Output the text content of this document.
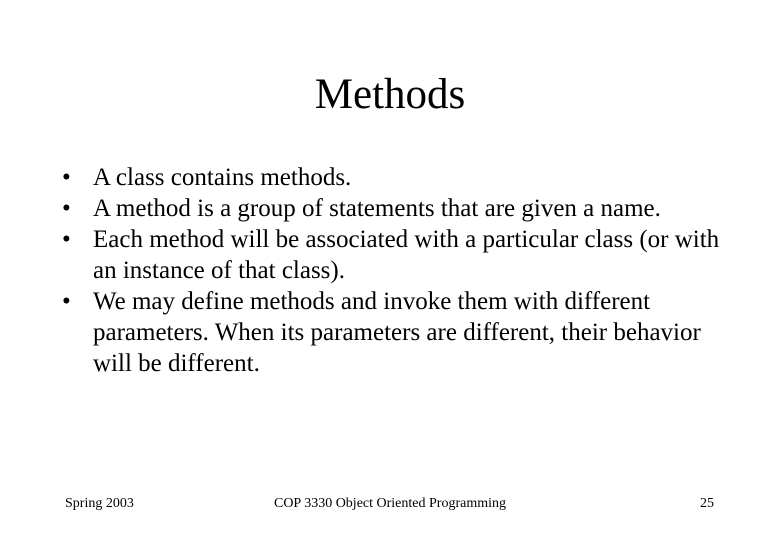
Methods
• A class contains methods.
• A method is a group of statements that are given a name.
• Each method will be associated with a particular class (or with an instance of that class).
• We may define methods and invoke them with different parameters. When its parameters are different, their behavior will be different.
Spring 2003	COP 3330 Object Oriented Programming	25
